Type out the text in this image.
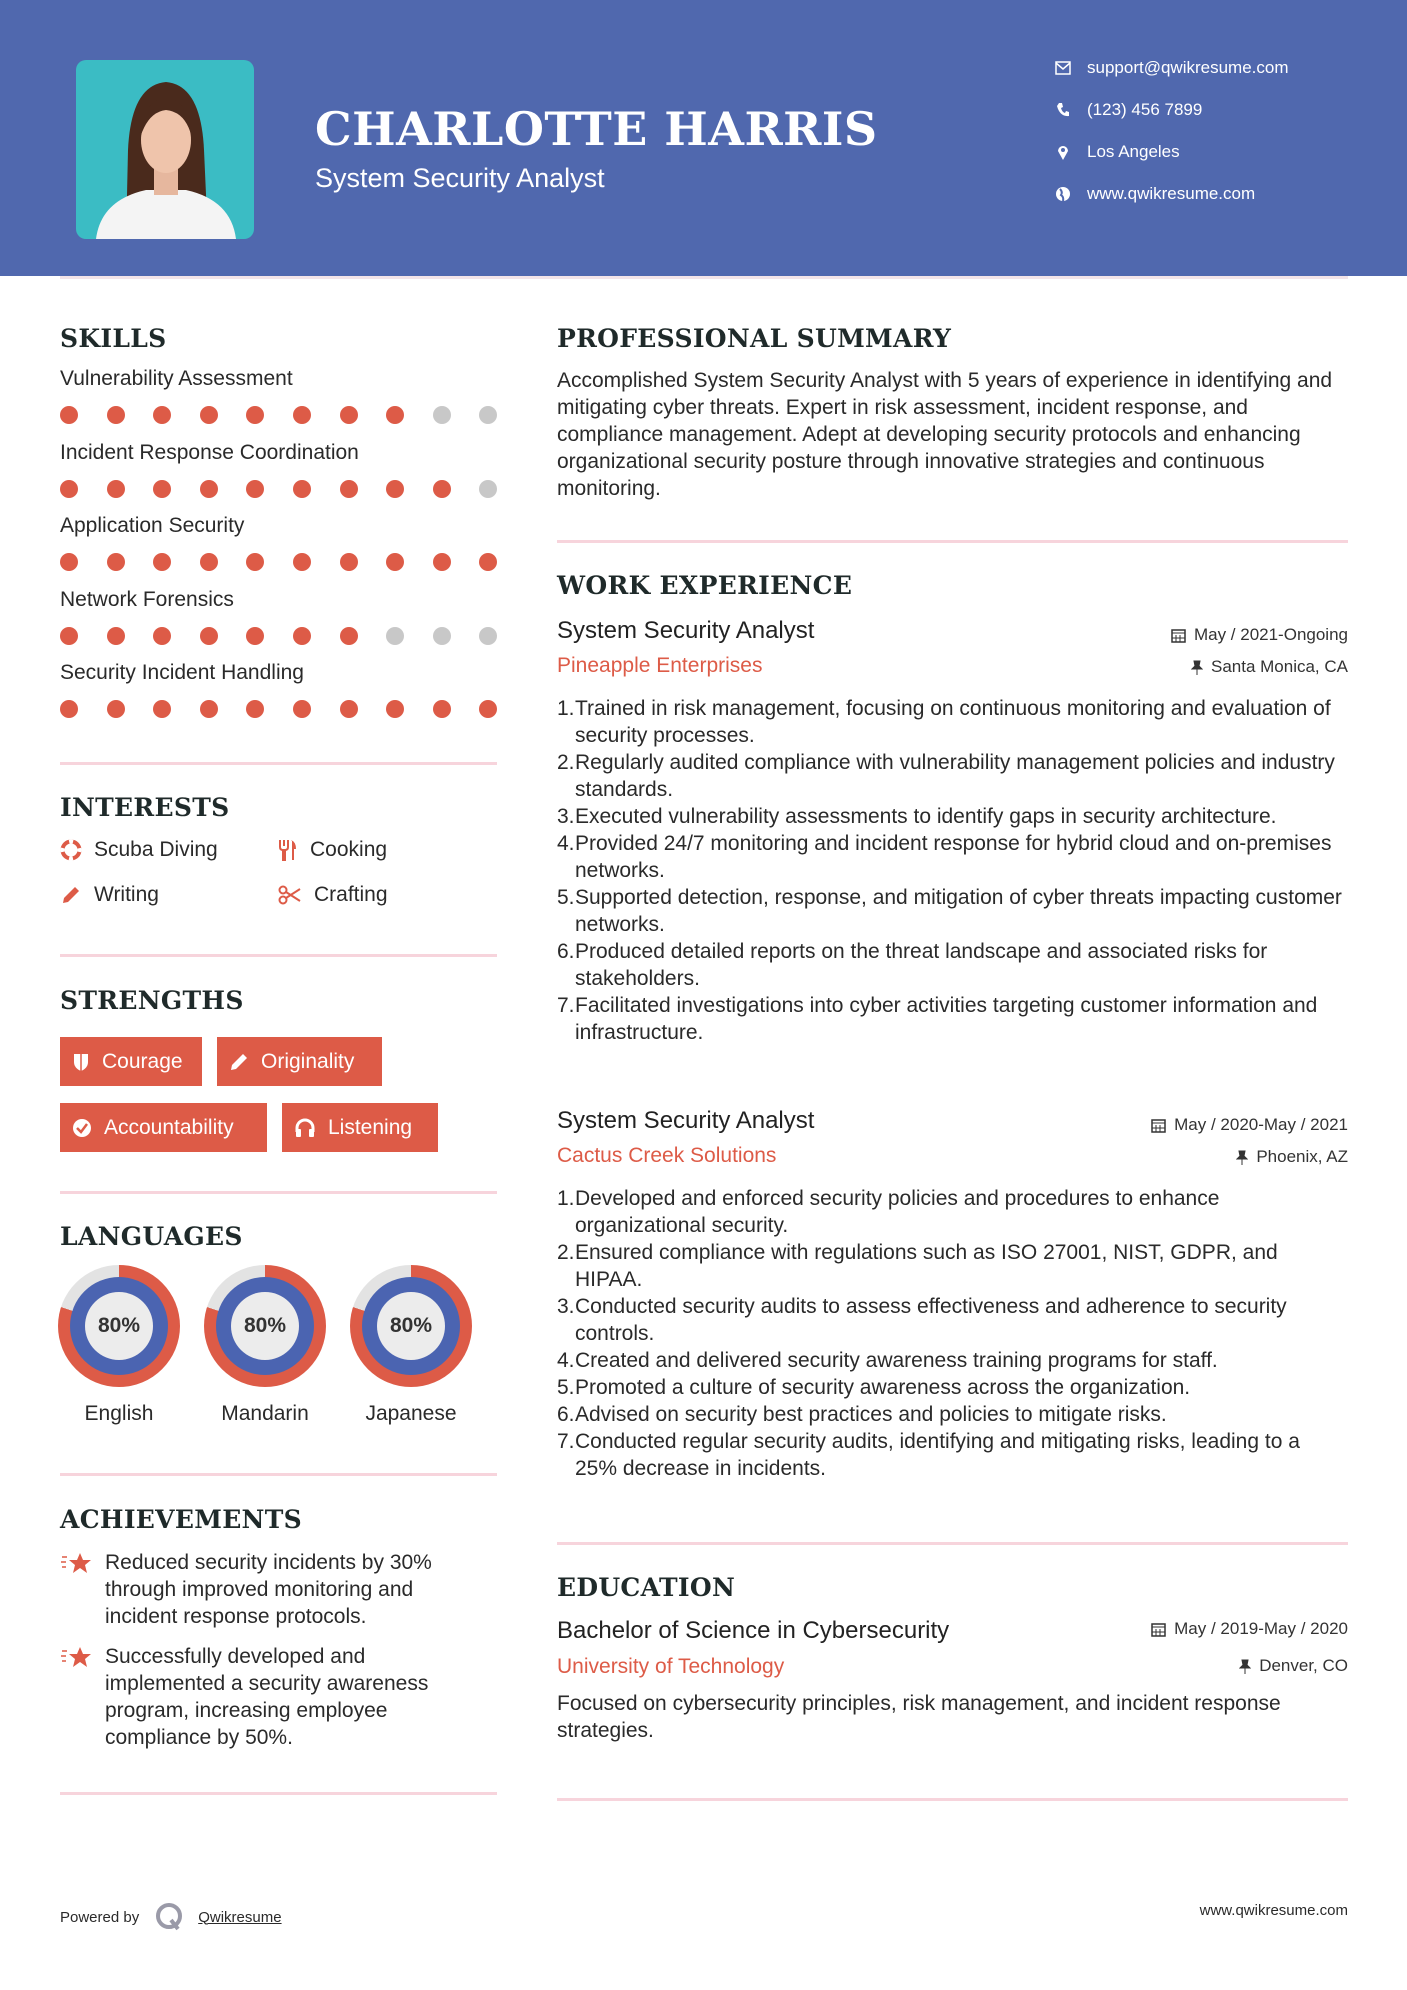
CHARLOTTE HARRIS
System Security Analyst
support@qwikresume.com
(123) 456 7899
Los Angeles
www.qwikresume.com
SKILLS
Vulnerability Assessment
Incident Response Coordination
Application Security
Network Forensics
Security Incident Handling
INTERESTS
Scuba Diving	Cooking
Writing	Crafting
STRENGTHS
Courage	Originality
Accountability	Listening
LANGUAGES
80%
English
80%
Mandarin
80%
Japanese
ACHIEVEMENTS
Reduced security incidents by 30% through improved monitoring and incident response protocols.
Successfully developed and implemented a security awareness program, increasing employee compliance by 50%.
PROFESSIONAL SUMMARY
Accomplished System Security Analyst with 5 years of experience in identifying and mitigating cyber threats. Expert in risk assessment, incident response, and compliance management. Adept at developing security protocols and enhancing organizational security posture through innovative strategies and continuous monitoring.
WORK EXPERIENCE
System Security Analyst
Pineapple Enterprises
May / 2021-Ongoing
Santa Monica, CA
1. Trained in risk management, focusing on continuous monitoring and evaluation of security processes.
2. Regularly audited compliance with vulnerability management policies and industry standards.
3. Executed vulnerability assessments to identify gaps in security architecture.
4. Provided 24/7 monitoring and incident response for hybrid cloud and on-premises networks.
5. Supported detection, response, and mitigation of cyber threats impacting customer networks.
6. Produced detailed reports on the threat landscape and associated risks for stakeholders.
7. Facilitated investigations into cyber activities targeting customer information and infrastructure.
System Security Analyst
Cactus Creek Solutions
May / 2020-May / 2021
Phoenix, AZ
1. Developed and enforced security policies and procedures to enhance organizational security.
2. Ensured compliance with regulations such as ISO 27001, NIST, GDPR, and HIPAA.
3. Conducted security audits to assess effectiveness and adherence to security controls.
4. Created and delivered security awareness training programs for staff.
5. Promoted a culture of security awareness across the organization.
6. Advised on security best practices and policies to mitigate risks.
7. Conducted regular security audits, identifying and mitigating risks, leading to a 25% decrease in incidents.
EDUCATION
Bachelor of Science in Cybersecurity
University of Technology
May / 2019-May / 2020
Denver, CO
Focused on cybersecurity principles, risk management, and incident response strategies.
Powered by	Qwikresume	www.qwikresume.com
